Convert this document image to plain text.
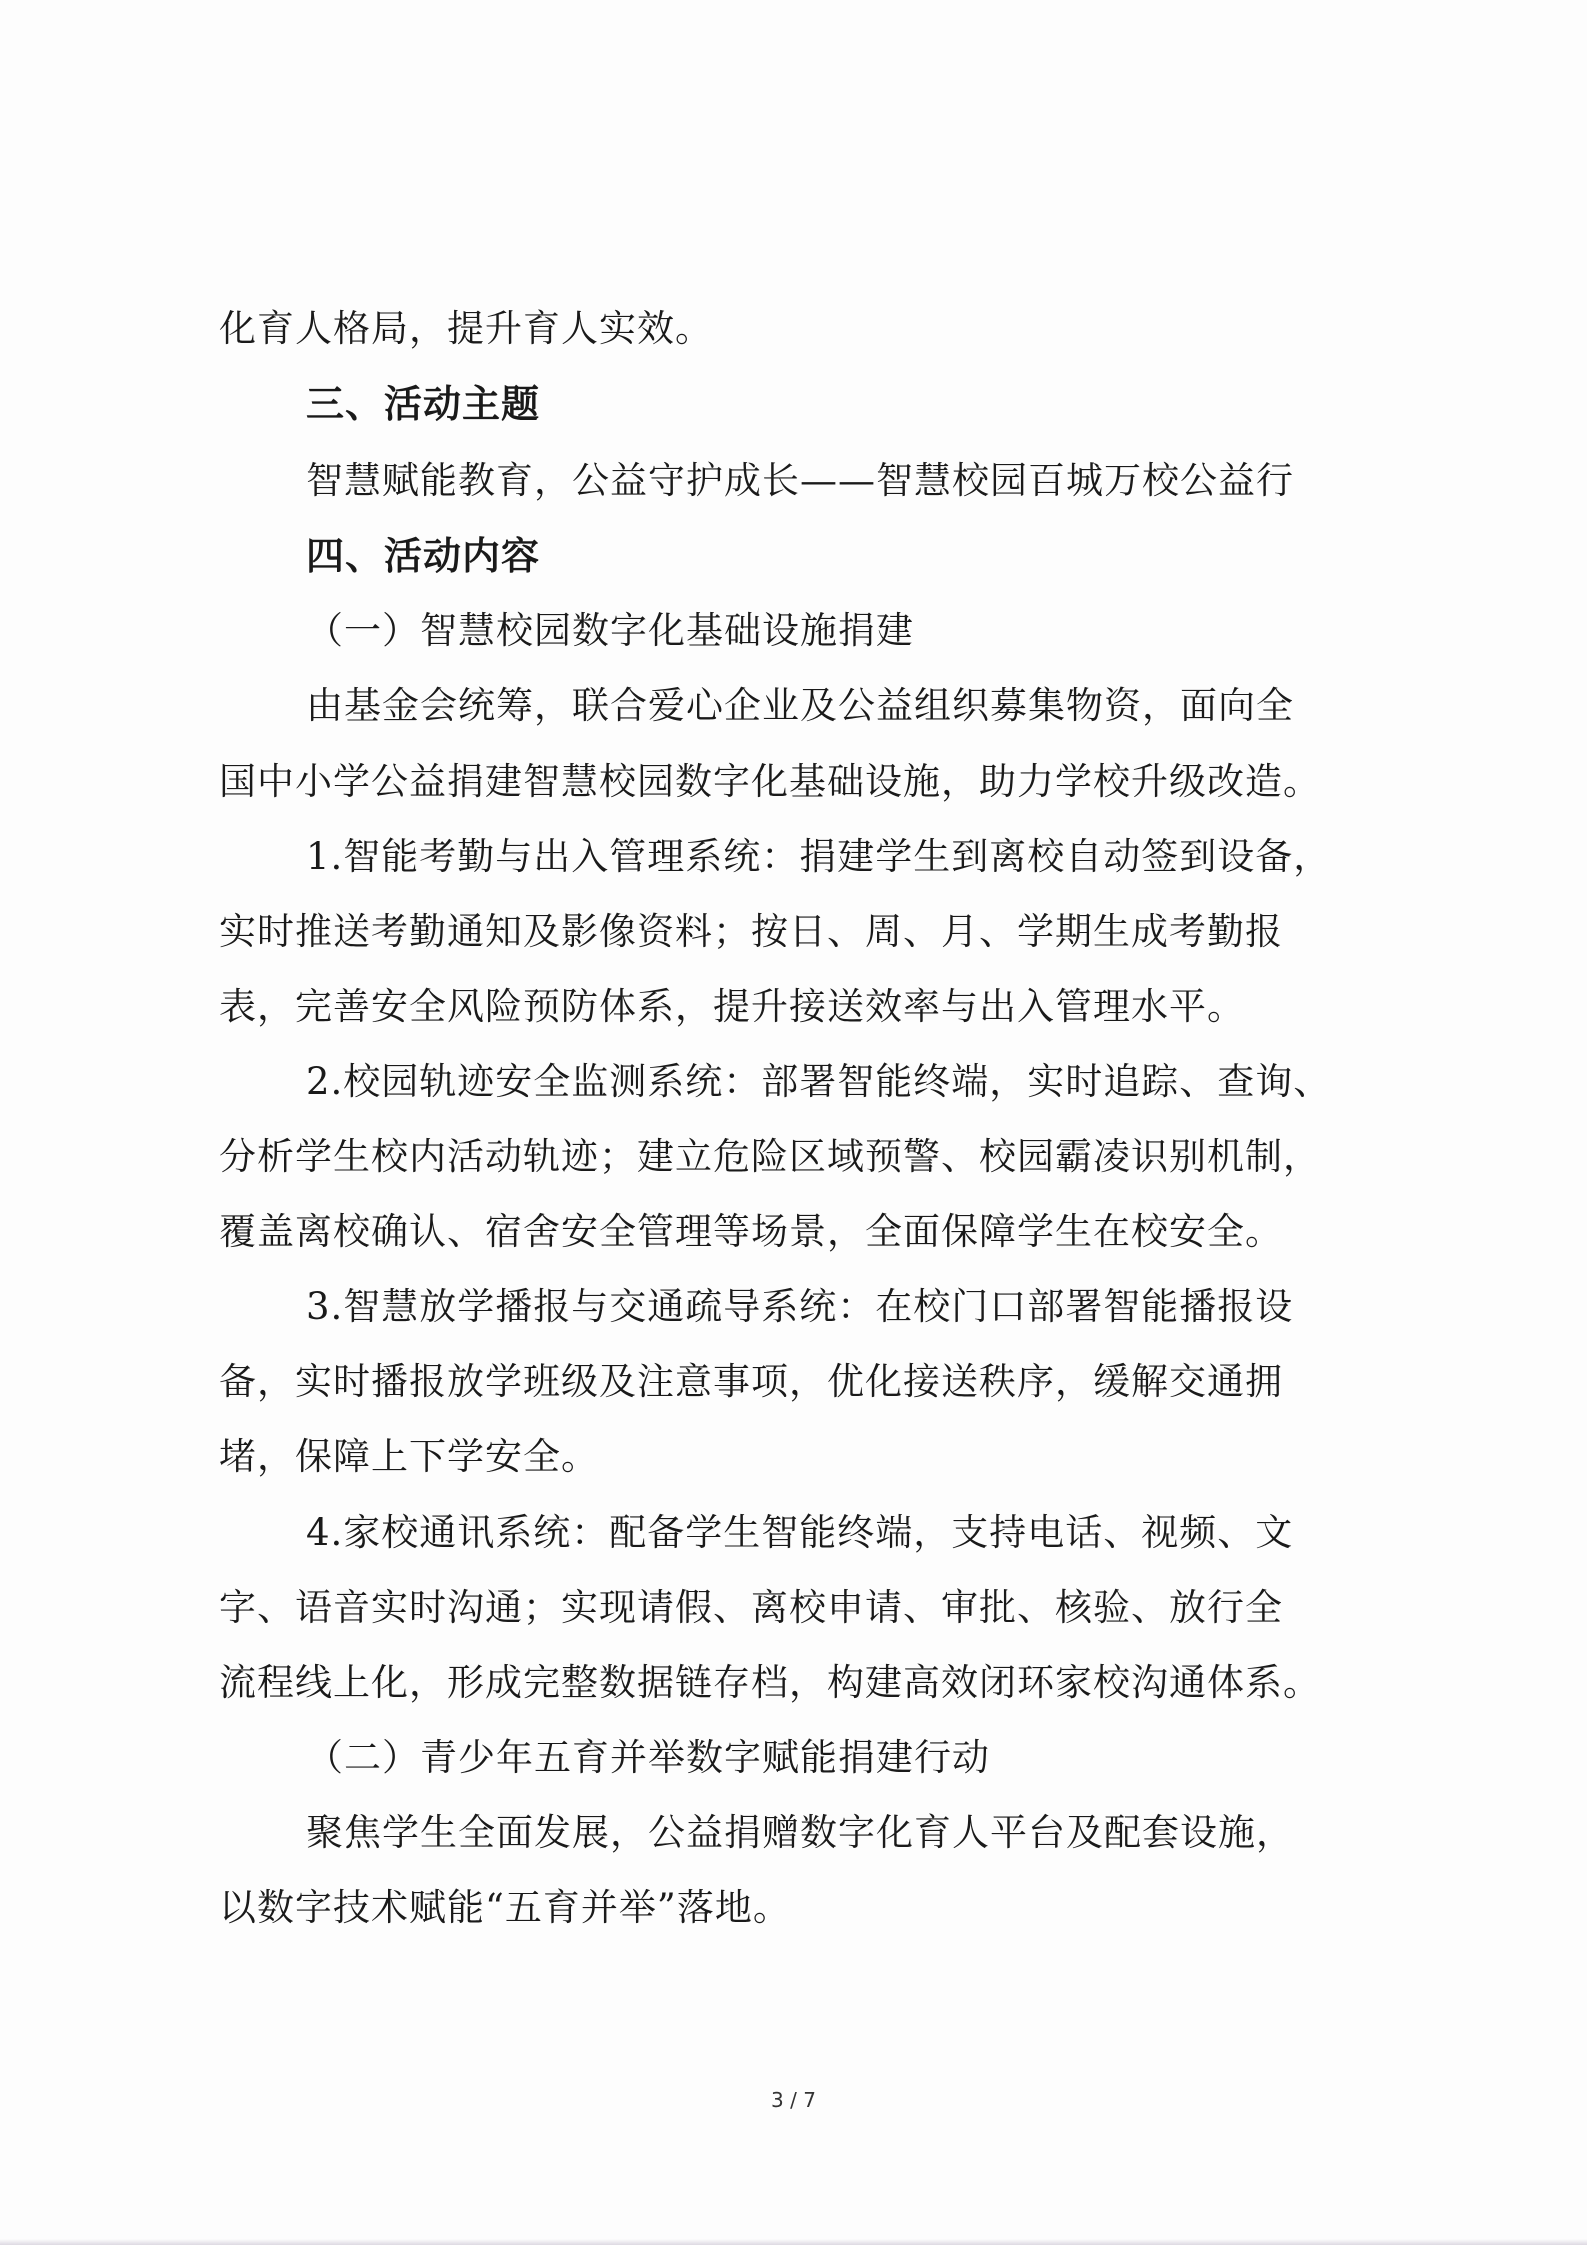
化育人格局，提升育人实效。
三、活动主题
智慧赋能教育，公益守护成长——智慧校园百城万校公益行
四、活动内容
（一）智慧校园数字化基础设施捐建
由基金会统筹，联合爱心企业及公益组织募集物资，面向全
国中小学公益捐建智慧校园数字化基础设施，助力学校升级改造。
1.智能考勤与出入管理系统：捐建学生到离校自动签到设备，
实时推送考勤通知及影像资料；按日、周、月、学期生成考勤报
表，完善安全风险预防体系，提升接送效率与出入管理水平。
2.校园轨迹安全监测系统：部署智能终端，实时追踪、查询、
分析学生校内活动轨迹；建立危险区域预警、校园霸凌识别机制，
覆盖离校确认、宿舍安全管理等场景，全面保障学生在校安全。
3.智慧放学播报与交通疏导系统：在校门口部署智能播报设
备，实时播报放学班级及注意事项，优化接送秩序，缓解交通拥
堵，保障上下学安全。
4.家校通讯系统：配备学生智能终端，支持电话、视频、文
字、语音实时沟通；实现请假、离校申请、审批、核验、放行全
流程线上化，形成完整数据链存档，构建高效闭环家校沟通体系。
（二）青少年五育并举数字赋能捐建行动
聚焦学生全面发展，公益捐赠数字化育人平台及配套设施，
以数字技术赋能“五育并举”落地。
3 / 7
